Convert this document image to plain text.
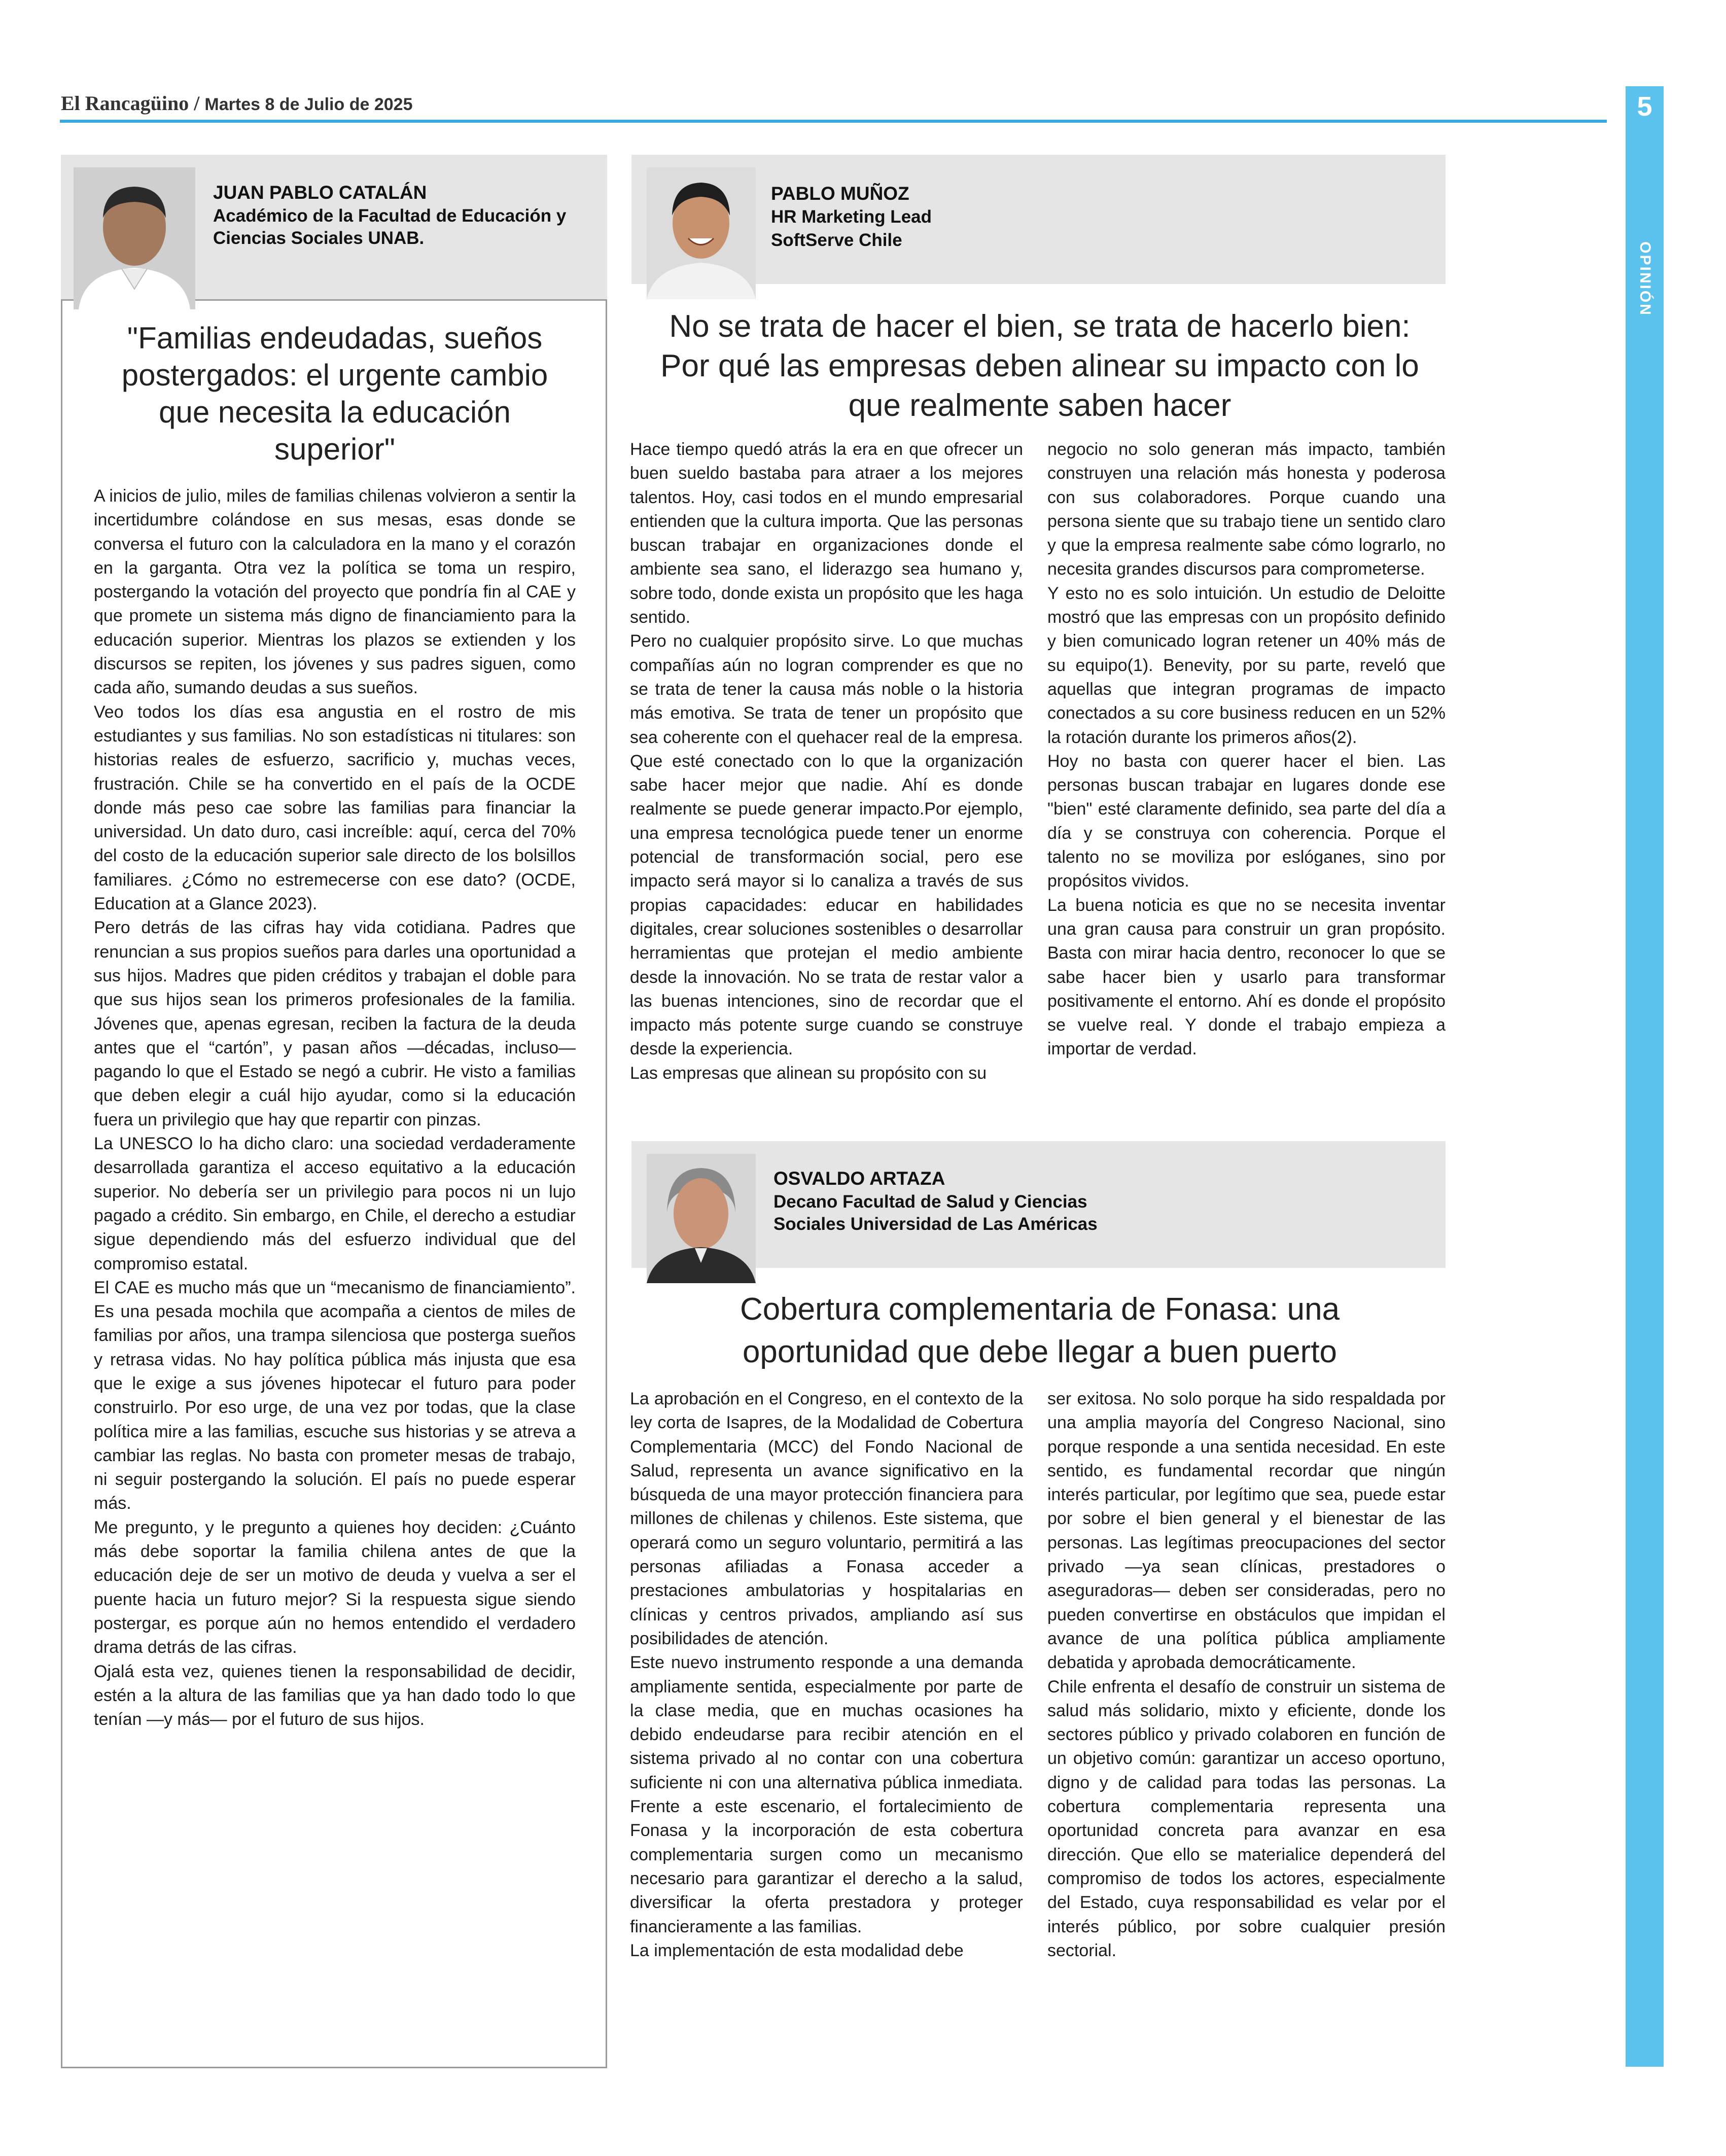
El Rancagüino / Martes 8 de Julio de 2025	5
OPINIÓN
JUAN PABLO CATALÁN
Académico de la Facultad de Educación y Ciencias Sociales UNAB.
"Familias endeudadas, sueños postergados: el urgente cambio que necesita la educación superior"

A inicios de julio, miles de familias chilenas volvieron a sentir la incertidumbre colándose en sus mesas, esas donde se conversa el futuro con la calculadora en la mano y el corazón en la garganta. Otra vez la política se toma un respiro, postergando la votación del proyecto que pondría fin al CAE y que promete un sistema más digno de financiamiento para la educación superior. Mientras los plazos se extienden y los discursos se repiten, los jóvenes y sus padres siguen, como cada año, sumando deudas a sus sueños.

Veo todos los días esa angustia en el rostro de mis estudiantes y sus familias. No son estadísticas ni titulares: son historias reales de esfuerzo, sacrificio y, muchas veces, frustración. Chile se ha convertido en el país de la OCDE donde más peso cae sobre las familias para financiar la universidad. Un dato duro, casi increíble: aquí, cerca del 70% del costo de la educación superior sale directo de los bolsillos familiares. ¿Cómo no estremecerse con ese dato? (OCDE, Education at a Glance 2023).

Pero detrás de las cifras hay vida cotidiana. Padres que renuncian a sus propios sueños para darles una oportunidad a sus hijos. Madres que piden créditos y trabajan el doble para que sus hijos sean los primeros profesionales de la familia. Jóvenes que, apenas egresan, reciben la factura de la deuda antes que el “cartón”, y pasan años —décadas, incluso— pagando lo que el Estado se negó a cubrir. He visto a familias que deben elegir a cuál hijo ayudar, como si la educación fuera un privilegio que hay que repartir con pinzas.

La UNESCO lo ha dicho claro: una sociedad verdaderamente desarrollada garantiza el acceso equitativo a la educación superior. No debería ser un privilegio para pocos ni un lujo pagado a crédito. Sin embargo, en Chile, el derecho a estudiar sigue dependiendo más del esfuerzo individual que del compromiso estatal.

El CAE es mucho más que un “mecanismo de financiamiento”. Es una pesada mochila que acompaña a cientos de miles de familias por años, una trampa silenciosa que posterga sueños y retrasa vidas. No hay política pública más injusta que esa que le exige a sus jóvenes hipotecar el futuro para poder construirlo. Por eso urge, de una vez por todas, que la clase política mire a las familias, escuche sus historias y se atreva a cambiar las reglas. No basta con prometer mesas de trabajo, ni seguir postergando la solución. El país no puede esperar más.

Me pregunto, y le pregunto a quienes hoy deciden: ¿Cuánto más debe soportar la familia chilena antes de que la educación deje de ser un motivo de deuda y vuelva a ser el puente hacia un futuro mejor? Si la respuesta sigue siendo postergar, es porque aún no hemos entendido el verdadero drama detrás de las cifras.

Ojalá esta vez, quienes tienen la responsabilidad de decidir, estén a la altura de las familias que ya han dado todo lo que tenían —y más— por el futuro de sus hijos.

PABLO MUÑOZ
HR Marketing Lead
SoftServe Chile
No se trata de hacer el bien, se trata de hacerlo bien: Por qué las empresas deben alinear su impacto con lo que realmente saben hacer

Hace tiempo quedó atrás la era en que ofrecer un buen sueldo bastaba para atraer a los mejores talentos. Hoy, casi todos en el mundo empresarial entienden que la cultura importa. Que las personas buscan trabajar en organizaciones donde el ambiente sea sano, el liderazgo sea humano y, sobre todo, donde exista un propósito que les haga sentido.

Pero no cualquier propósito sirve. Lo que muchas compañías aún no logran comprender es que no se trata de tener la causa más noble o la historia más emotiva. Se trata de tener un propósito que sea coherente con el quehacer real de la empresa. Que esté conectado con lo que la organización sabe hacer mejor que nadie. Ahí es donde realmente se puede generar impacto.Por ejemplo, una empresa tecnológica puede tener un enorme potencial de transformación social, pero ese impacto será mayor si lo canaliza a través de sus propias capacidades: educar en habilidades digitales, crear soluciones sostenibles o desarrollar herramientas que protejan el medio ambiente desde la innovación. No se trata de restar valor a las buenas intenciones, sino de recordar que el impacto más potente surge cuando se construye desde la experiencia.

Las empresas que alinean su propósito con su

negocio no solo generan más impacto, también construyen una relación más honesta y poderosa con sus colaboradores. Porque cuando una persona siente que su trabajo tiene un sentido claro y que la empresa realmente sabe cómo lograrlo, no necesita grandes discursos para comprometerse.

Y esto no es solo intuición. Un estudio de Deloitte mostró que las empresas con un propósito definido y bien comunicado logran retener un 40% más de su equipo(1). Benevity, por su parte, reveló que aquellas que integran programas de impacto conectados a su core business reducen en un 52% la rotación durante los primeros años(2).

Hoy no basta con querer hacer el bien. Las personas buscan trabajar en lugares donde ese "bien" esté claramente definido, sea parte del día a día y se construya con coherencia. Porque el talento no se moviliza por eslóganes, sino por propósitos vividos.

La buena noticia es que no se necesita inventar una gran causa para construir un gran propósito. Basta con mirar hacia dentro, reconocer lo que se sabe hacer bien y usarlo para transformar positivamente el entorno. Ahí es donde el propósito se vuelve real. Y donde el trabajo empieza a importar de verdad.

OSVALDO ARTAZA
Decano Facultad de Salud y Ciencias Sociales Universidad de Las Américas
Cobertura complementaria de Fonasa: una oportunidad que debe llegar a buen puerto

La aprobación en el Congreso, en el contexto de la ley corta de Isapres, de la Modalidad de Cobertura Complementaria (MCC) del Fondo Nacional de Salud, representa un avance significativo en la búsqueda de una mayor protección financiera para millones de chilenas y chilenos. Este sistema, que operará como un seguro voluntario, permitirá a las personas afiliadas a Fonasa acceder a prestaciones ambulatorias y hospitalarias en clínicas y centros privados, ampliando así sus posibilidades de atención.

Este nuevo instrumento responde a una demanda ampliamente sentida, especialmente por parte de la clase media, que en muchas ocasiones ha debido endeudarse para recibir atención en el sistema privado al no contar con una cobertura suficiente ni con una alternativa pública inmediata. Frente a este escenario, el fortalecimiento de Fonasa y la incorporación de esta cobertura complementaria surgen como un mecanismo necesario para garantizar el derecho a la salud, diversificar la oferta prestadora y proteger financieramente a las familias.

La implementación de esta modalidad debe

ser exitosa. No solo porque ha sido respaldada por una amplia mayoría del Congreso Nacional, sino porque responde a una sentida necesidad. En este sentido, es fundamental recordar que ningún interés particular, por legítimo que sea, puede estar por sobre el bien general y el bienestar de las personas. Las legítimas preocupaciones del sector privado —ya sean clínicas, prestadores o aseguradoras— deben ser consideradas, pero no pueden convertirse en obstáculos que impidan el avance de una política pública ampliamente debatida y aprobada democráticamente.

Chile enfrenta el desafío de construir un sistema de salud más solidario, mixto y eficiente, donde los sectores público y privado colaboren en función de un objetivo común: garantizar un acceso oportuno, digno y de calidad para todas las personas. La cobertura complementaria representa una oportunidad concreta para avanzar en esa dirección. Que ello se materialice dependerá del compromiso de todos los actores, especialmente del Estado, cuya responsabilidad es velar por el interés público, por sobre cualquier presión sectorial.
